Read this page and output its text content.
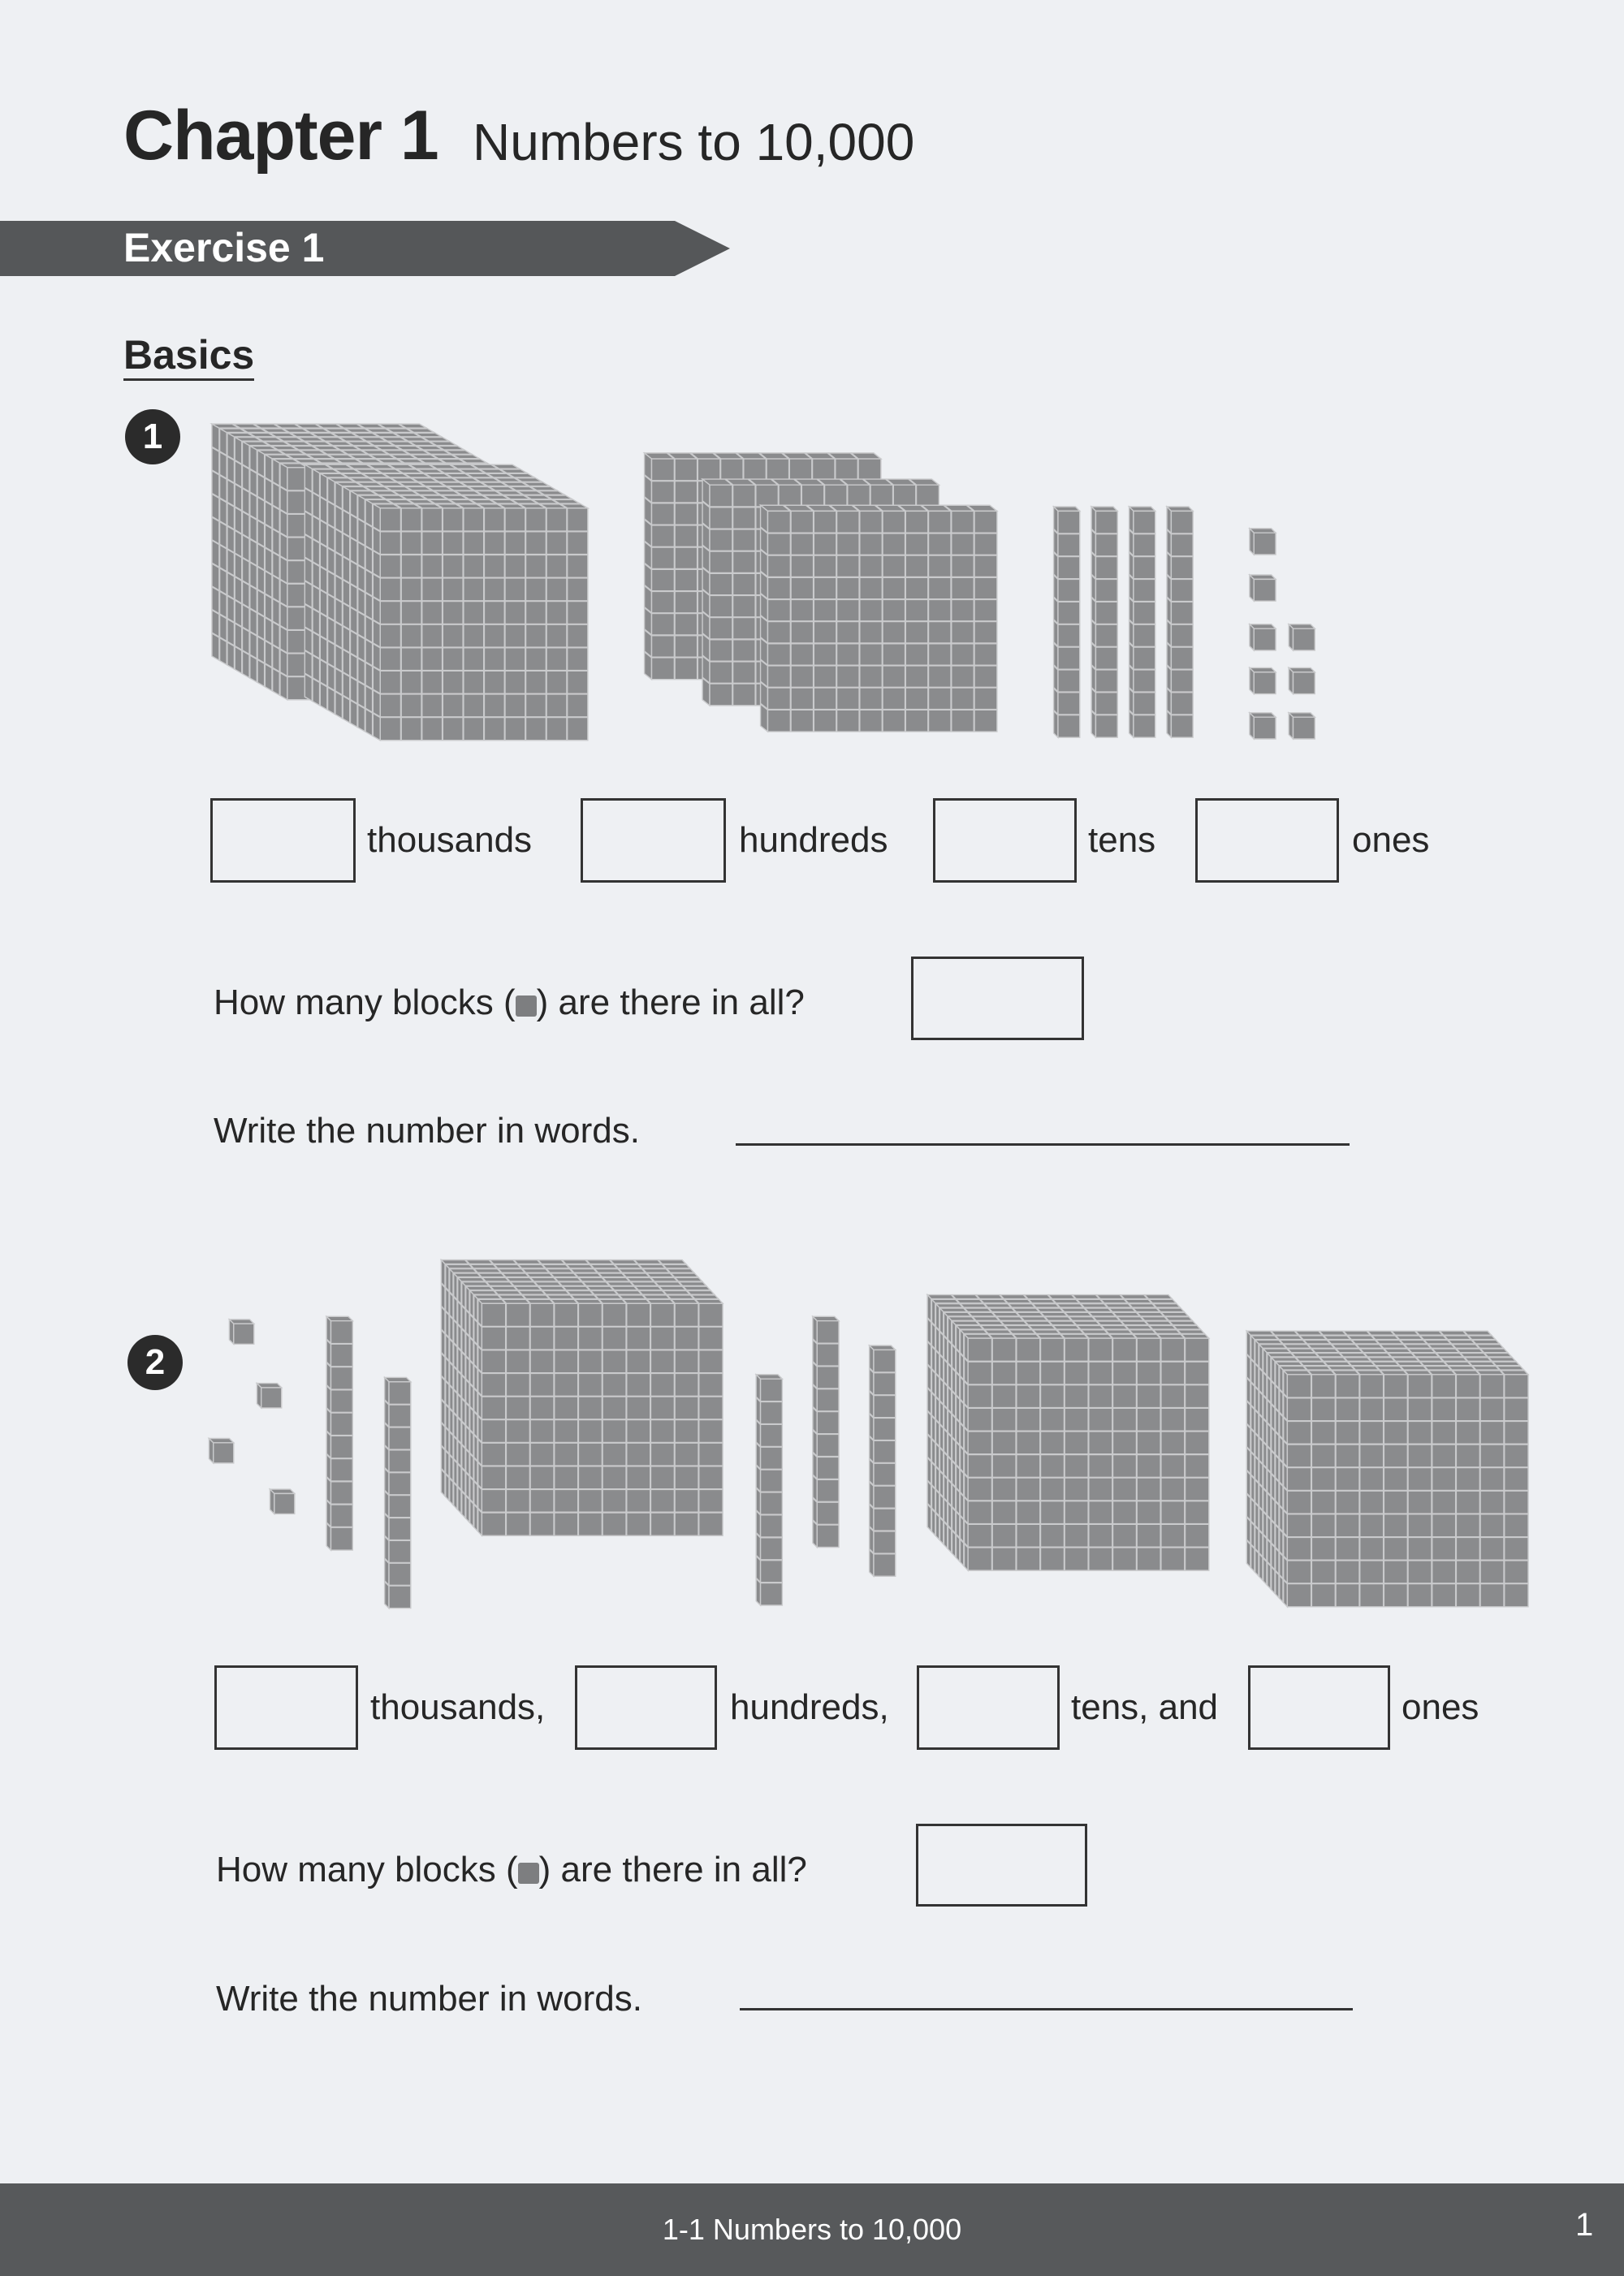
Chapter 1 Numbers to 10,000
Exercise 1
Basics
1
thousands	hundreds	tens	ones
How many blocks ( ) are there in all?
Write the number in words.
2
thousands,	hundreds,	tens, and	ones
How many blocks ( ) are there in all?
Write the number in words.
1-1 Numbers to 10,000	1
